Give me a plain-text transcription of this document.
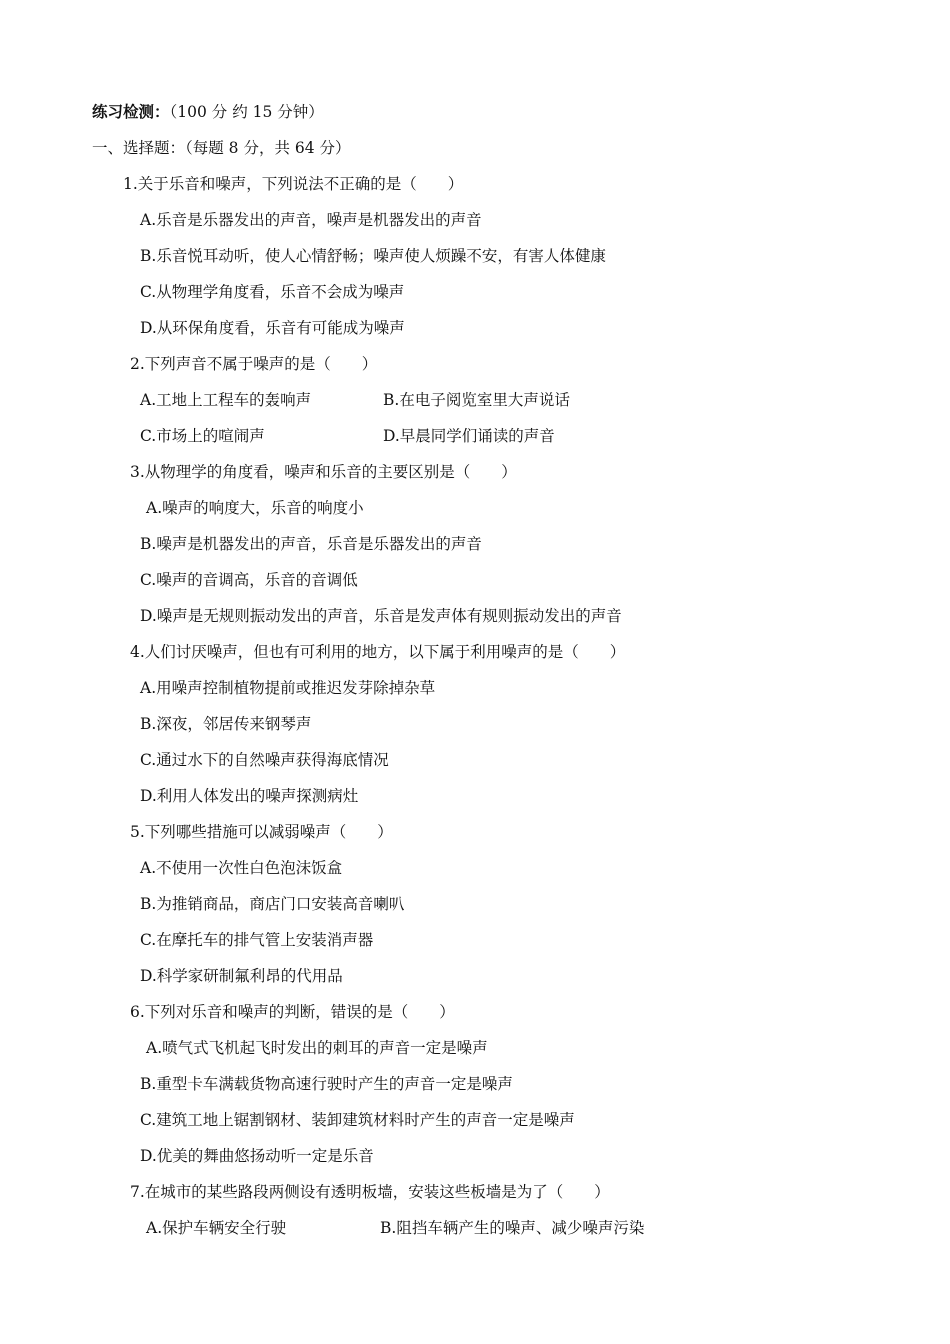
练习检测：（100 分 约 15 分钟）
一、选择题：（每题 8 分，共 64 分）
1.关于乐音和噪声，下列说法不正确的是（　　）
A.乐音是乐器发出的声音，噪声是机器发出的声音
B.乐音悦耳动听，使人心情舒畅；噪声使人烦躁不安，有害人体健康
C.从物理学角度看，乐音不会成为噪声
D.从环保角度看，乐音有可能成为噪声
2.下列声音不属于噪声的是（　　）
A.工地上工程车的轰响声	B.在电子阅览室里大声说话
C.市场上的喧闹声	D.早晨同学们诵读的声音
3.从物理学的角度看，噪声和乐音的主要区别是（　　）
A.噪声的响度大，乐音的响度小
B.噪声是机器发出的声音，乐音是乐器发出的声音
C.噪声的音调高，乐音的音调低
D.噪声是无规则振动发出的声音，乐音是发声体有规则振动发出的声音
4.人们讨厌噪声，但也有可利用的地方，以下属于利用噪声的是（　　）
A.用噪声控制植物提前或推迟发芽除掉杂草
B.深夜，邻居传来钢琴声
C.通过水下的自然噪声获得海底情况
D.利用人体发出的噪声探测病灶
5.下列哪些措施可以减弱噪声（　　）
A.不使用一次性白色泡沫饭盒
B.为推销商品，商店门口安装高音喇叭
C.在摩托车的排气管上安装消声器
D.科学家研制氟利昂的代用品
6.下列对乐音和噪声的判断，错误的是（　　）
A.喷气式飞机起飞时发出的刺耳的声音一定是噪声
B.重型卡车满载货物高速行驶时产生的声音一定是噪声
C.建筑工地上锯割钢材、装卸建筑材料时产生的声音一定是噪声
D.优美的舞曲悠扬动听一定是乐音
7.在城市的某些路段两侧设有透明板墙，安装这些板墙是为了（　　）
A.保护车辆安全行驶	B.阻挡车辆产生的噪声、减少噪声污染
